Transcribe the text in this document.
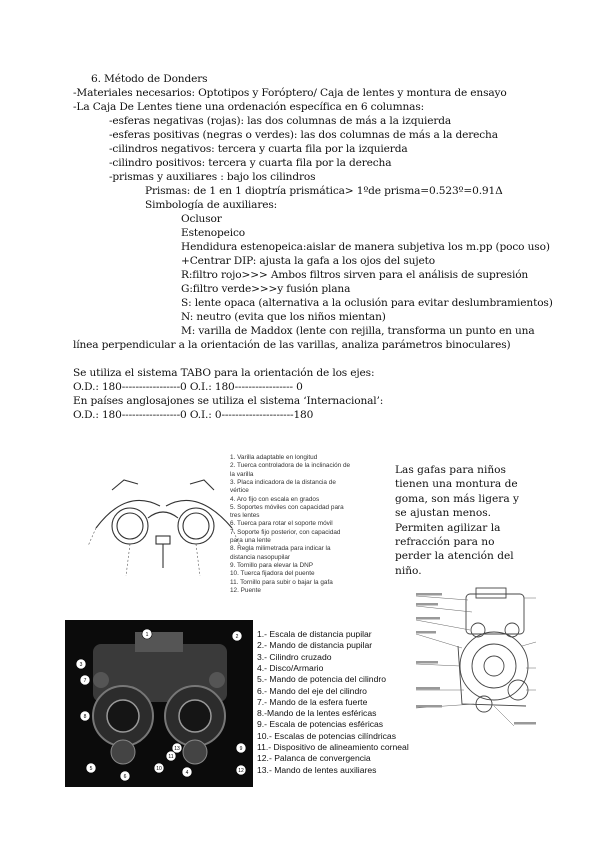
6. Método de Donders
-Materiales necesarios: Optotipos y Foróptero/ Caja de lentes y montura de ensayo
-La Caja De Lentes tiene una ordenación específica en 6 columnas:
-esferas negativas (rojas): las dos columnas de más a la izquierda
-esferas positivas (negras o verdes): las dos columnas de más a la derecha
-cilindros negativos: tercera y cuarta fila por la izquierda
-cilindro positivos: tercera y cuarta fila por la derecha
-prismas y auxiliares : bajo los cilindros
Prismas: de 1 en 1 dioptría prismática> 1ºde prisma=0.523º=0.91Δ
Simbología de auxiliares:
Oclusor
Estenopeico
Hendidura estenopeica:aislar de manera subjetiva los m.pp (poco uso)
+Centrar DIP: ajusta la gafa a los ojos del sujeto
R:filtro rojo>>> Ambos filtros sirven para el análisis de supresión
G:filtro verde>>>y fusión plana
S: lente opaca (alternativa a la oclusión para evitar deslumbramientos)
N: neutro (evita que los niños mientan)
M: varilla de Maddox (lente con rejilla, transforma un punto en una
línea perpendicular a la orientación de las varillas, analiza parámetros binoculares)
Se utiliza el sistema TABO para la orientación de los ejes:
O.D.: 180-----------------0 O.I.: 180----------------- 0
En países anglosajones se utiliza el sistema ‘Internacional’:
O.D.: 180-----------------0 O.I.: 0---------------------180
1. Varilla adaptable en longitud
2. Tuerca controladora de la inclinación de
la varilla
3. Placa indicadora de la distancia de
vértice
4. Aro fijo con escala en grados
5. Soportes móviles con capacidad para
tres lentes
6. Tuerca para rotar el soporte móvil
7. Soporte fijo posterior, con capacidad
para una lente
8. Regla milimetrada para indicar la
distancia nasopupilar
9. Tornillo para elevar la DNP
10. Tuerca fijadora del puente
11. Tornillo para subir o bajar la gafa
12. Puente
Las gafas para niños tienen una montura de goma, son más ligera y se ajustan menos. Permiten agilizar la refracción para no perder la atención del niño.
1	2
3
7
8
5	10
11
9
12
6
4
13
1.- Escala de distancia pupilar
2.- Mando de distancia pupilar
3.- Cilindro cruzado
4.- Disco/Armario
5.- Mando de potencia del cilindro
6.- Mando del eje del cilindro
7.- Mando de la esfera fuerte
8.-Mando de la lentes esféricas
9.- Escala de potencias esféricas
10.- Escalas de potencias cilíndricas
11.- Dispositivo de alineamiento corneal
12.- Palanca de convergencia
13.- Mando de lentes auxiliares
